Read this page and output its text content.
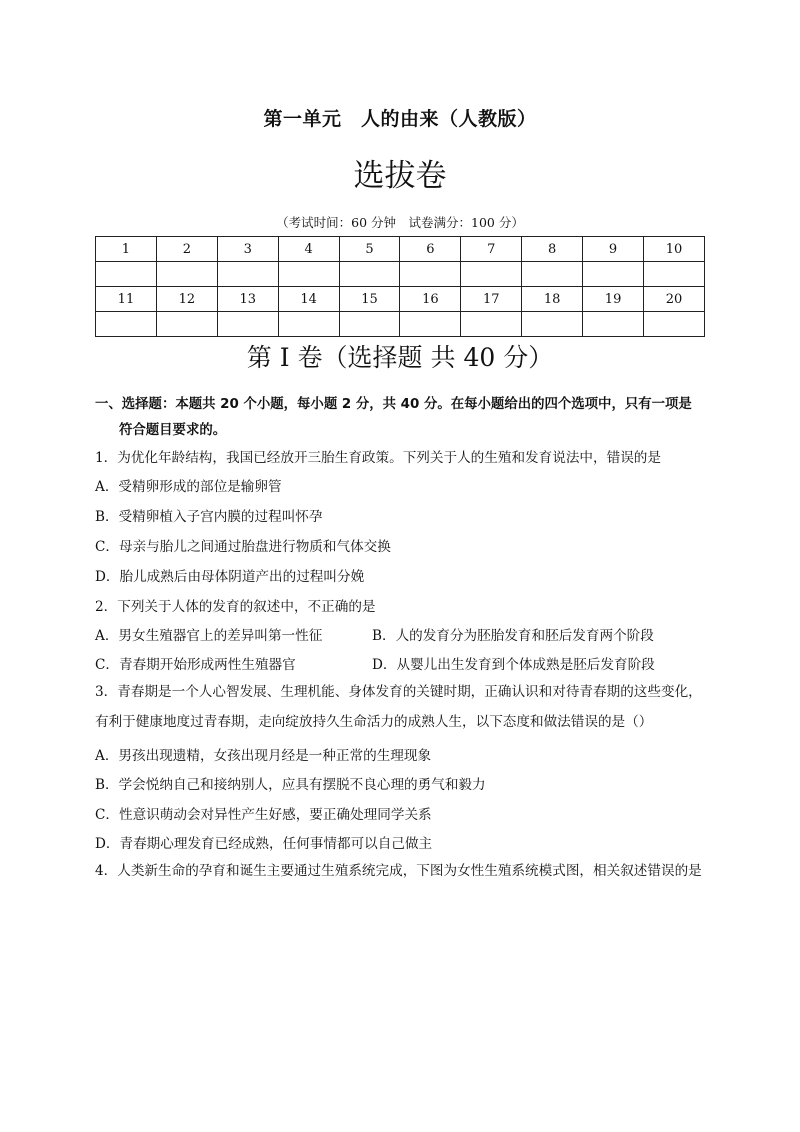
第一单元　人的由来（人教版）
选拔卷
（考试时间：60 分钟　试卷满分：100 分）
1	2	3	4	5	6	7	8	9	10

11	12	13	14	15	16	17	18	19	20

第 I 卷（选择题 共 40 分）
一、选择题：本题共 20 个小题，每小题 2 分，共 40 分。在每小题给出的四个选项中，只有一项是
符合题目要求的。
1．为优化年龄结构，我国已经放开三胎生育政策。下列关于人的生殖和发育说法中，错误的是
A．受精卵形成的部位是输卵管
B．受精卵植入子宫内膜的过程叫怀孕
C．母亲与胎儿之间通过胎盘进行物质和气体交换
D．胎儿成熟后由母体阴道产出的过程叫分娩
2．下列关于人体的发育的叙述中，不正确的是
A．男女生殖器官上的差异叫第一性征	B．人的发育分为胚胎发育和胚后发育两个阶段
C．青春期开始形成两性生殖器官	D．从婴儿出生发育到个体成熟是胚后发育阶段
3．青春期是一个人心智发展、生理机能、身体发育的关键时期，正确认识和对待青春期的这些变化，有利于健康地度过青春期，走向绽放持久生命活力的成熟人生，以下态度和做法错误的是（）
A．男孩出现遗精，女孩出现月经是一种正常的生理现象
B．学会悦纳自己和接纳别人，应具有摆脱不良心理的勇气和毅力
C．性意识萌动会对异性产生好感，要正确处理同学关系
D．青春期心理发育已经成熟，任何事情都可以自己做主
4．人类新生命的孕育和诞生主要通过生殖系统完成，下图为女性生殖系统模式图，相关叙述错误的是
